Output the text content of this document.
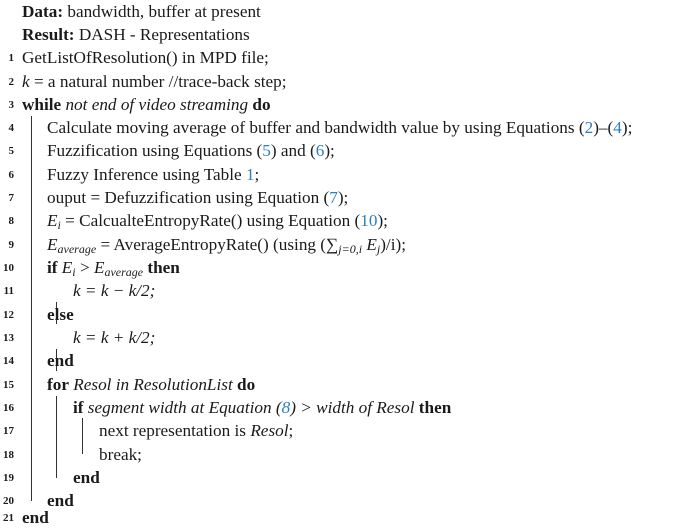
Data: bandwidth, buffer at present
Result: DASH - Representations
1 GetListOfResolution() in MPD file;
2 k = a natural number //trace-back step;
3 while not end of video streaming do
4 Calculate moving average of buffer and bandwidth value by using Equations (2)–(4);
5 Fuzzification using Equations (5) and (6);
6 Fuzzy Inference using Table 1;
7 ouput = Defuzzification using Equation (7);
8 $E_i$ = CalcualteEntropyRate() using Equation (10);
9 $E_{average}$ = AverageEntropyRate() (using ($\sum_{j=0,i}$ $E_j)/i$);
10 if $E_i > E_{average}$ then
11	k = k − k/2;
12 else
13	k = k + k/2;
14 end
15 for Resol in ResolutionList do
16	if segment width at Equation (8) > width of Resol then
17	next representation is Resol;
18	break;
19	end
20 end
21 end
